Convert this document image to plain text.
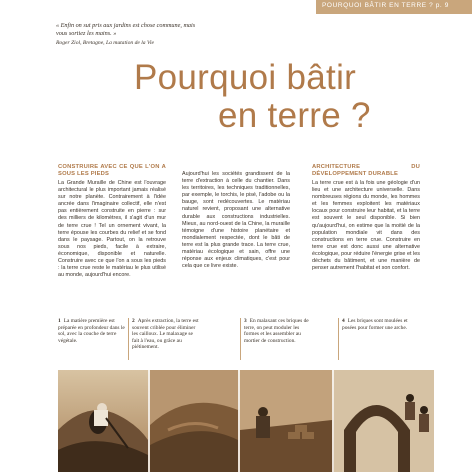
POURQUOI BÂTIR EN TERRE ? p. 9
« Enfin on sut pris aux jardins est chose commune, mais vous sortiez les mains. »
Roger Ziol, Bretagne, La mutation de la Vie
Pourquoi bâtir
en terre ?
CONSTRUIRE AVEC CE QUE L'ON A SOUS LES PIEDS

La Grande Muraille de Chine est l'ouvrage architectural le plus important jamais réalisé sur notre planète. Contrairement à l'idée ancrée dans l'imaginaire collectif, elle n'est pas entièrement construite en pierre : sur des milliers de kilomètres, il s'agit d'un mur de terre crue ! Tel un ornement vivant, la terre épouse les courbes du relief et se fond dans le paysage. Partout, on la retrouve sous nos pieds, facile à extraire, économique, disponible et naturelle. Construire avec ce que l'on a sous les pieds : la terre crue reste le matériau le plus utilisé au monde, aujourd'hui encore.

Aujourd'hui les sociétés grandissent de la terre d'extraction à celle du chantier. Dans les territoires, les techniques traditionnelles, par exemple, le torchis, le pisé, l'adobe ou la bauge, sont redécouvertes. Le matériau naturel revient, proposant une alternative durable aux constructions industrielles. Mieux, au nord-ouest de la Chine, la muraille témoigne d'une histoire planétaire et mondialement respectée, dont le bâti de terre est la plus grande trace. La terre crue, matériau écologique et sain, offre une réponse aux enjeux climatiques, c'est pour cela que ce livre existe.

ARCHITECTURE DU DÉVELOPPEMENT DURABLE

La terre crue est à la fois une géologie d'un lieu et une architecture universelle. Dans nombreuses régions du monde, les hommes et les femmes exploitent les matériaux locaux pour construire leur habitat, et la terre est souvent le seul disponible. Si bien qu'aujourd'hui, on estime que la moitié de la population mondiale vit dans des constructions en terre crue. Construire en terre crue est donc aussi une alternative écologique, pour réduire l'énergie grise et les déchets du bâtiment, et une manière de penser autrement l'habitat et son confort.

1 La matière première est préparée en profondeur dans le sol, avec la couche de terre végétale.
2 Après extraction, la terre est souvent criblée pour éliminer les cailloux. Le malaxage se fait à l'eau, ou grâce au piétinement.
3 En malaxant ces briques de terre, on peut moduler les formes et les assembler au mortier de construction.
4 Les briques sont moulées et posées pour former une arche.
